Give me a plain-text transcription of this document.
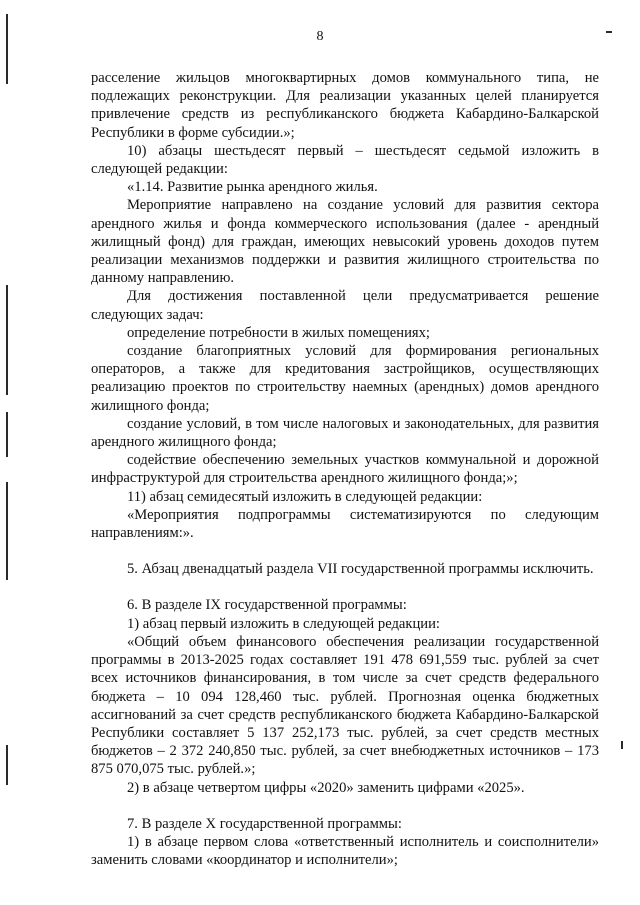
8

расселение жильцов многоквартирных домов коммунального типа, не подлежащих реконструкции. Для реализации указанных целей планируется привлечение средств из республиканского бюджета Кабардино-Балкарской Республики в форме субсидии.»;

10) абзацы шестьдесят первый – шестьдесят седьмой изложить в следующей редакции:

«1.14. Развитие рынка арендного жилья.

Мероприятие направлено на создание условий для развития сектора арендного жилья и фонда коммерческого использования (далее - арендный жилищный фонд) для граждан, имеющих невысокий уровень доходов путем реализации механизмов поддержки и развития жилищного строительства по данному направлению.

Для достижения поставленной цели предусматривается решение следующих задач:

определение потребности в жилых помещениях;

создание благоприятных условий для формирования региональных операторов, а также для кредитования застройщиков, осуществляющих реализацию проектов по строительству наемных (арендных) домов арендного жилищного фонда;

создание условий, в том числе налоговых и законодательных, для развития арендного жилищного фонда;

содействие обеспечению земельных участков коммунальной и дорожной инфраструктурой для строительства арендного жилищного фонда;»;

11) абзац семидесятый изложить в следующей редакции:

«Мероприятия подпрограммы систематизируются по следующим направлениям:».

5. Абзац двенадцатый раздела VII государственной программы исключить.

6. В разделе IX государственной программы:

1) абзац первый изложить в следующей редакции:

«Общий объем финансового обеспечения реализации государственной программы в 2013-2025 годах составляет 191 478 691,559 тыс. рублей за счет всех источников финансирования, в том числе за счет средств федерального бюджета – 10 094 128,460 тыс. рублей. Прогнозная оценка бюджетных ассигнований за счет средств республиканского бюджета Кабардино-Балкарской Республики составляет 5 137 252,173 тыс. рублей, за счет средств местных бюджетов – 2 372 240,850 тыс. рублей, за счет внебюджетных источников – 173 875 070,075 тыс. рублей.»;

2) в абзаце четвертом цифры «2020» заменить цифрами «2025».

7. В разделе X государственной программы:

1) в абзаце первом слова «ответственный исполнитель и соисполнители» заменить словами «координатор и исполнители»;
